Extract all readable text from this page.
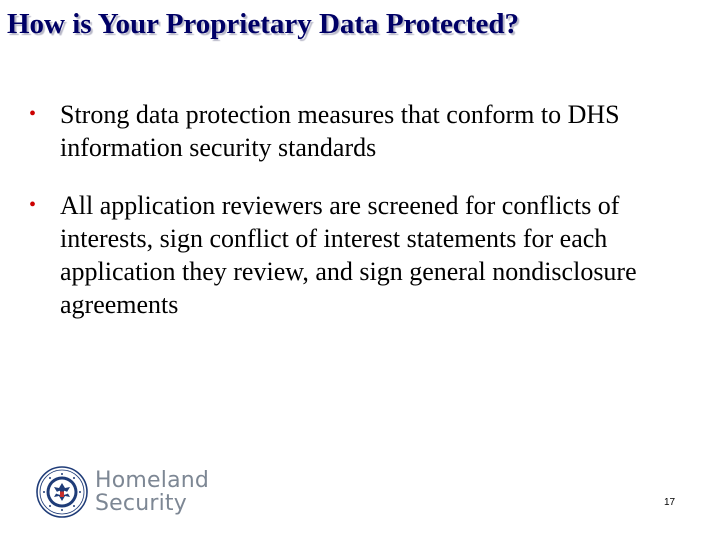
How is Your Proprietary Data Protected?
• Strong data protection measures that conform to DHS information security standards
• All application reviewers are screened for conflicts of interests, sign conflict of interest statements for each application they review, and sign general nondisclosure agreements
Homeland
Security	17
